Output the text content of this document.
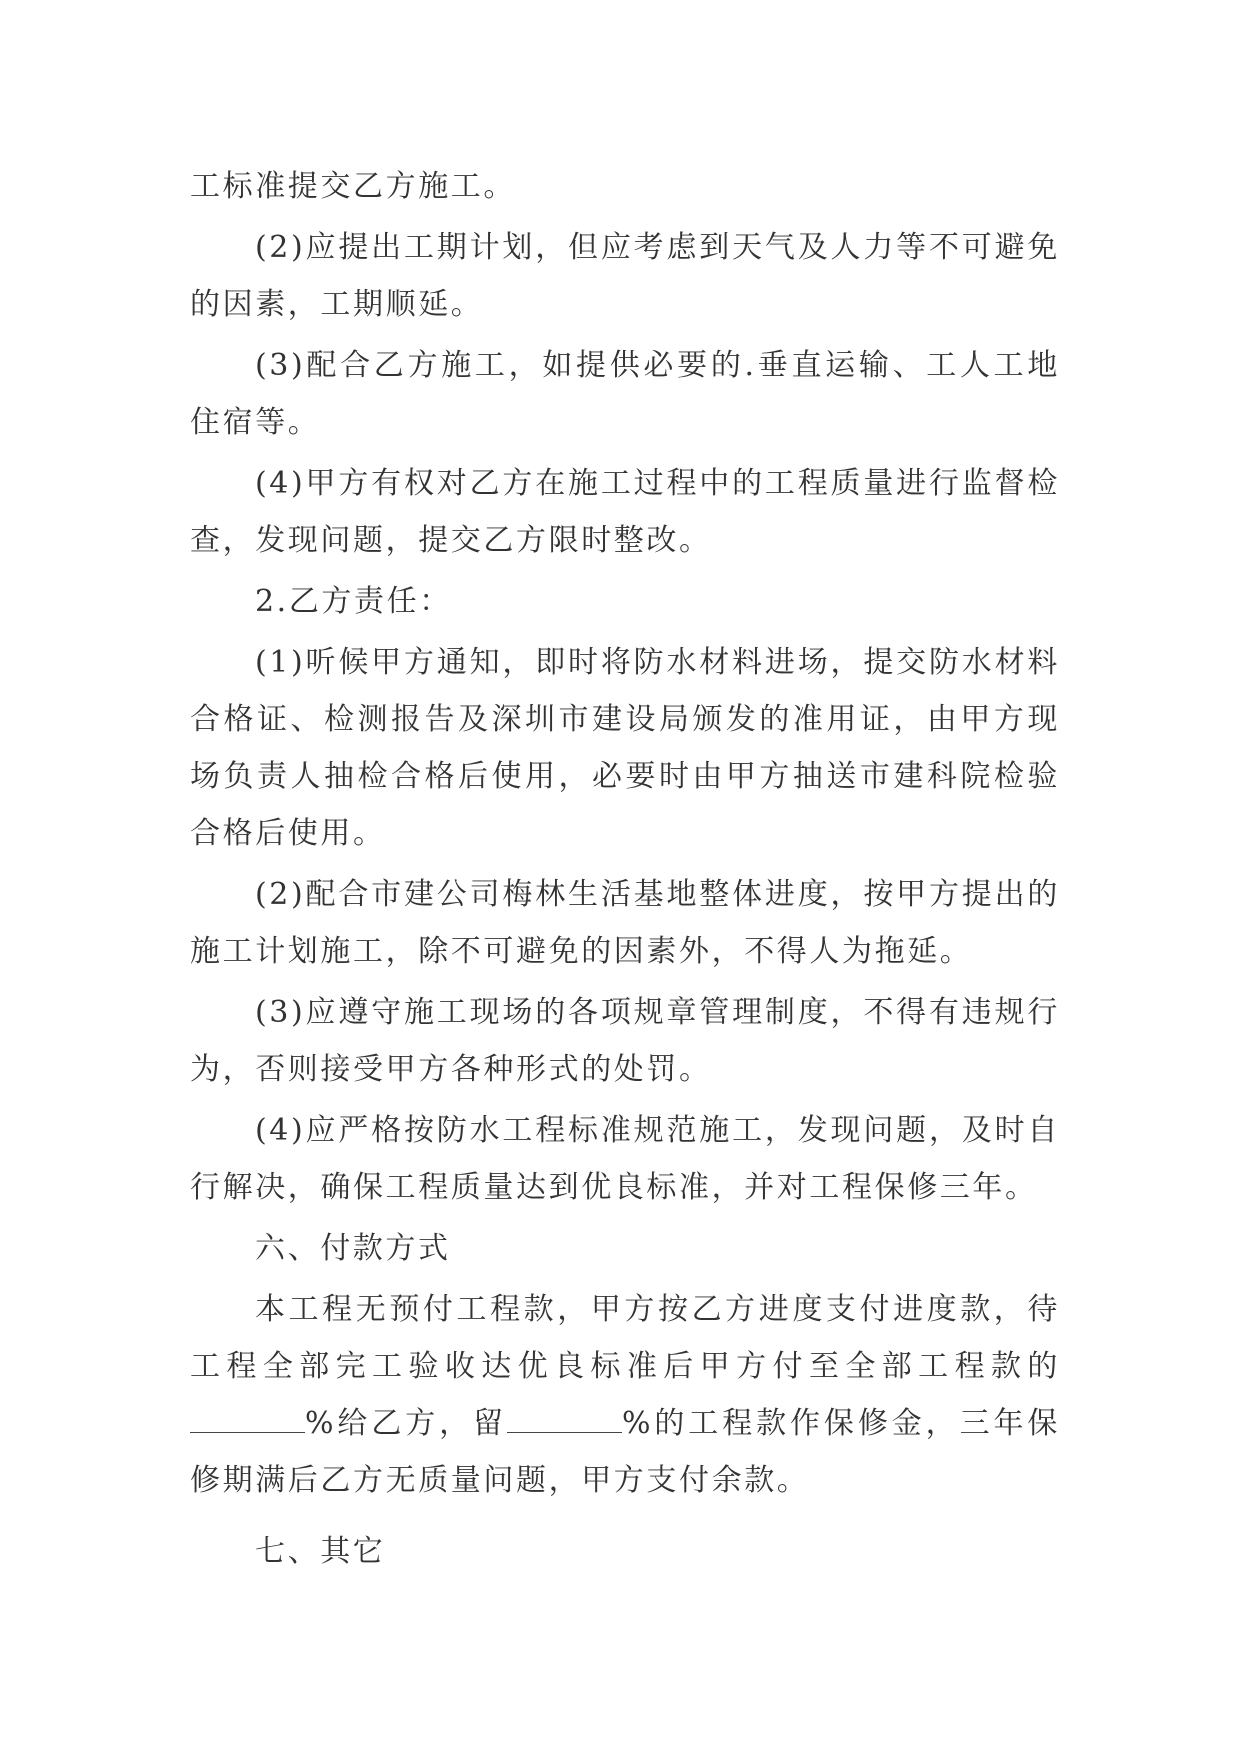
工标准提交乙方施工。

(2)应提出工期计划，但应考虑到天气及人力等不可避免的因素，工期顺延。

(3)配合乙方施工，如提供必要的.垂直运输、工人工地住宿等。

(4)甲方有权对乙方在施工过程中的工程质量进行监督检查，发现问题，提交乙方限时整改。

2.乙方责任：

(1)听候甲方通知，即时将防水材料进场，提交防水材料合格证、检测报告及深圳市建设局颁发的准用证，由甲方现场负责人抽检合格后使用，必要时由甲方抽送市建科院检验合格后使用。

(2)配合市建公司梅林生活基地整体进度，按甲方提出的施工计划施工，除不可避免的因素外，不得人为拖延。

(3)应遵守施工现场的各项规章管理制度，不得有违规行为，否则接受甲方各种形式的处罚。

(4)应严格按防水工程标准规范施工，发现问题，及时自行解决，确保工程质量达到优良标准，并对工程保修三年。

六、付款方式

本工程无预付工程款，甲方按乙方进度支付进度款，待工程全部完工验收达优良标准后甲方付至全部工程款的%给乙方，留	%的工程款作保修金，三年保修期满后乙方无质量问题，甲方支付余款。

七、其它
